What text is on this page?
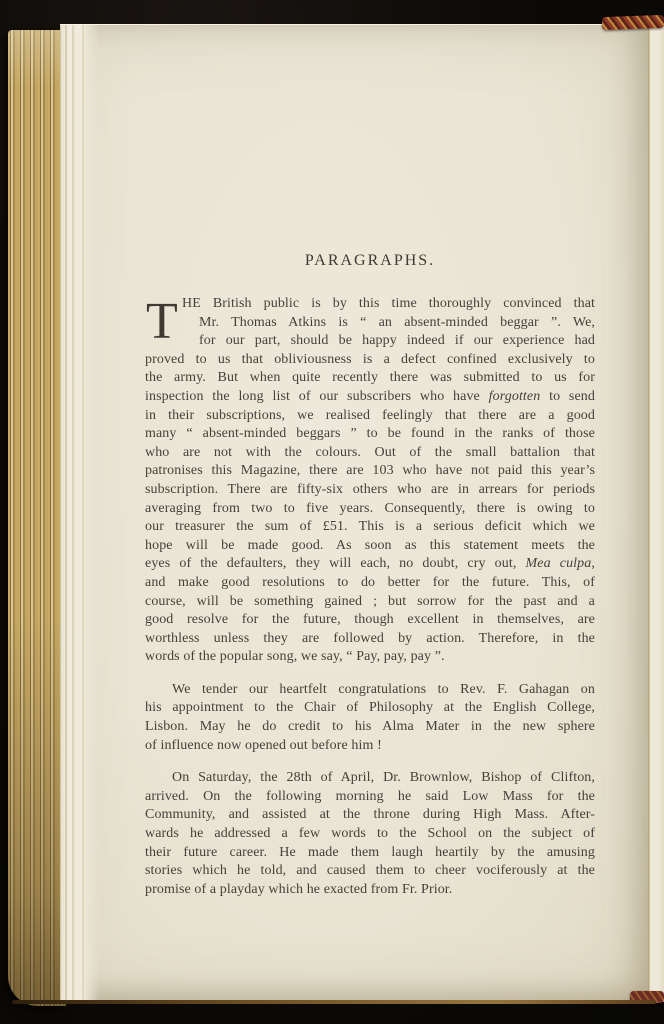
PARAGRAPHS.
T HE British public is by this time thoroughly convinced that
Mr. Thomas Atkins is “ an absent-minded beggar ”. We,
for our part, should be happy indeed if our experience had
proved to us that obliviousness is a defect confined exclusively to
the army. But when quite recently there was submitted to us for
inspection the long list of our subscribers who have forgotten to send
in their subscriptions, we realised feelingly that there are a good
many “ absent-minded beggars ” to be found in the ranks of those
who are not with the colours. Out of the small battalion that
patronises this Magazine, there are 103 who have not paid this year’s
subscription. There are fifty-six others who are in arrears for periods
averaging from two to five years. Consequently, there is owing to
our treasurer the sum of £51. This is a serious deficit which we
hope will be made good. As soon as this statement meets the
eyes of the defaulters, they will each, no doubt, cry out, Mea culpa,
and make good resolutions to do better for the future. This, of
course, will be something gained ; but sorrow for the past and a
good resolve for the future, though excellent in themselves, are
worthless unless they are followed by action. Therefore, in the
words of the popular song, we say, “ Pay, pay, pay ”.
We tender our heartfelt congratulations to Rev. F. Gahagan on
his appointment to the Chair of Philosophy at the English College,
Lisbon. May he do credit to his Alma Mater in the new sphere
of influence now opened out before him !
On Saturday, the 28th of April, Dr. Brownlow, Bishop of Clifton,
arrived. On the following morning he said Low Mass for the
Community, and assisted at the throne during High Mass. After-
wards he addressed a few words to the School on the subject of
their future career. He made them laugh heartily by the amusing
stories which he told, and caused them to cheer vociferously at the
promise of a playday which he exacted from Fr. Prior.
